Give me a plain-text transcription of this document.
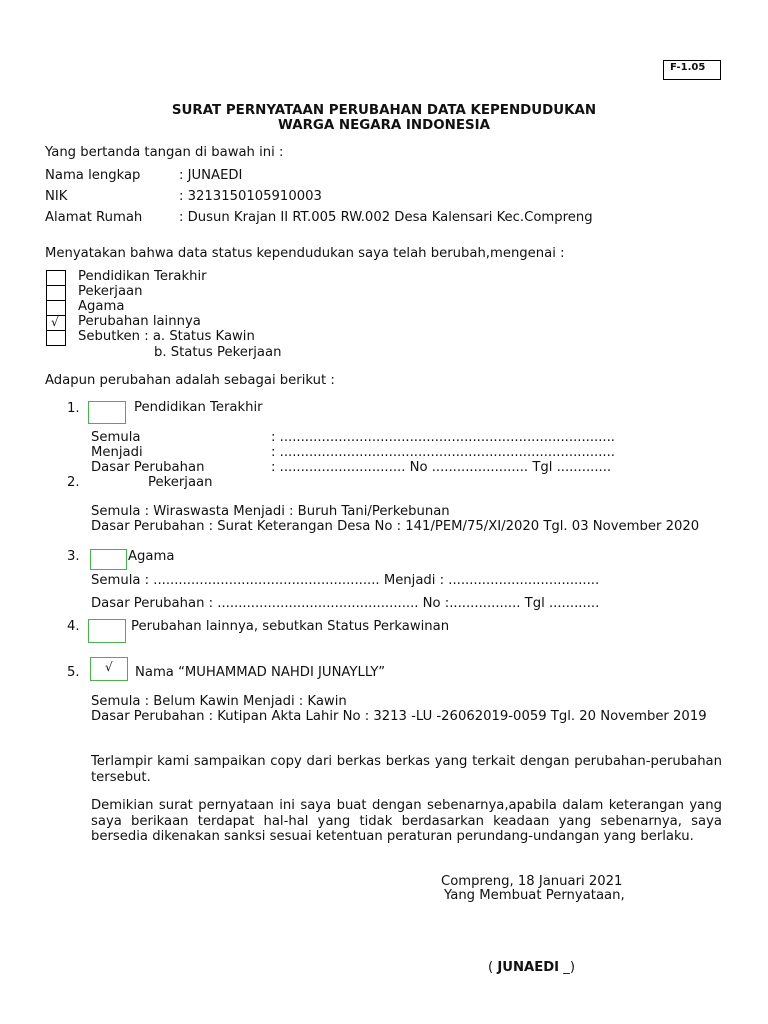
F-1.05
SURAT PERNYATAAN PERUBAHAN DATA KEPENDUDUKAN
WARGA NEGARA INDONESIA
Yang bertanda tangan di bawah ini :
Nama lengkap	: JUNAEDI
NIK	: 3213150105910003
Alamat Rumah	: Dusun Krajan II RT.005 RW.002 Desa Kalensari Kec.Compreng
Menyatakan bahwa data status kependudukan saya telah berubah,mengenai :
√
Pendidikan Terakhir
Pekerjaan
Agama
Perubahan lainnya
Sebutken : a. Status Kawin
b. Status Pekerjaan
Adapun perubahan adalah sebagai berikut :
1.	Pendidikan Terakhir
Semula	: ................................................................................
Menjadi	: ................................................................................
Dasar Perubahan	: .............................. No ....................... Tgl .............
2.	Pekerjaan
Semula : Wiraswasta Menjadi : Buruh Tani/Perkebunan
Dasar Perubahan : Surat Keterangan Desa No : 141/PEM/75/XI/2020 Tgl. 03 November 2020
3.	Agama
Semula : ...................................................... Menjadi : ....................................
Dasar Perubahan : ................................................ No :................. Tgl ............
4.	Perubahan lainnya, sebutkan Status Perkawinan
5. √ Nama “MUHAMMAD NAHDI JUNAYLLY”
Semula : Belum Kawin Menjadi : Kawin
Dasar Perubahan : Kutipan Akta Lahir No : 3213 -LU -26062019-0059 Tgl. 20 November 2019
Terlampir kami sampaikan copy dari berkas berkas yang terkait dengan perubahan-perubahan tersebut.
Demikian surat pernyataan ini saya buat dengan sebenarnya,apabila dalam keterangan yang saya berikaan terdapat hal-hal yang tidak berdasarkan keadaan yang sebenarnya, saya bersedia dikenakan sanksi sesuai ketentuan peraturan perundang-undangan yang berlaku.
Compreng, 18 Januari 2021
Yang Membuat Pernyataan,
( JUNAEDI _)
